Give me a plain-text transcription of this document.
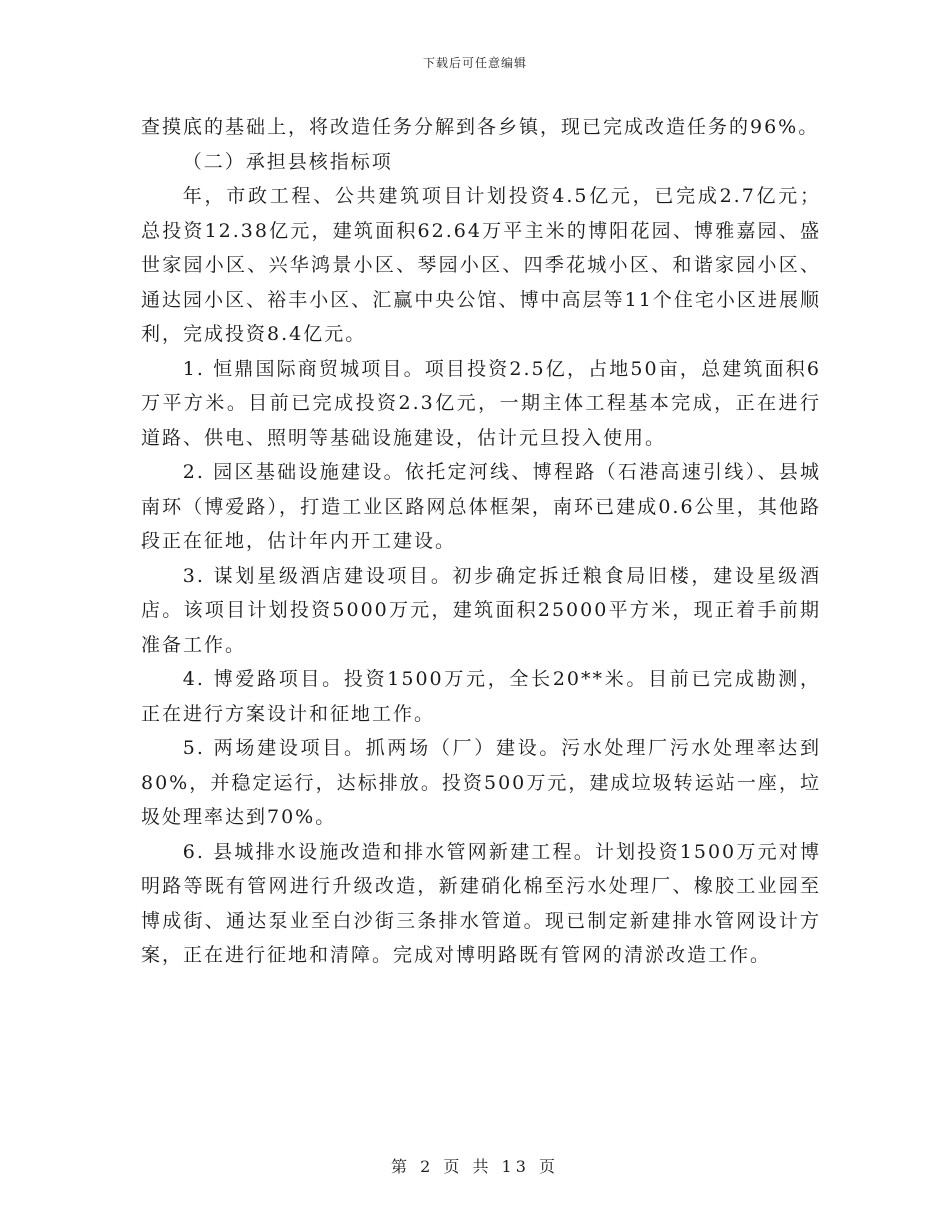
下载后可任意编辑

查摸底的基础上，将改造任务分解到各乡镇，现已完成改造任务的96%。

（二）承担县核指标项

年，市政工程、公共建筑项目计划投资4.5亿元，已完成2.7亿元；总投资12.38亿元，建筑面积62.64万平主米的博阳花园、博雅嘉园、盛世家园小区、兴华鸿景小区、琴园小区、四季花城小区、和谐家园小区、通达园小区、裕丰小区、汇赢中央公馆、博中高层等11个住宅小区进展顺利，完成投资8.4亿元。

1. 恒鼎国际商贸城项目。项目投资2.5亿，占地50亩，总建筑面积6万平方米。目前已完成投资2.3亿元，一期主体工程基本完成，正在进行道路、供电、照明等基础设施建设，估计元旦投入使用。

2. 园区基础设施建设。依托定河线、博程路（石港高速引线）、县城南环（博爱路），打造工业区路网总体框架，南环已建成0.6公里，其他路段正在征地，估计年内开工建设。

3. 谋划星级酒店建设项目。初步确定拆迁粮食局旧楼，建设星级酒店。该项目计划投资5000万元，建筑面积25000平方米，现正着手前期准备工作。

4. 博爱路项目。投资1500万元，全长20**米。目前已完成勘测，正在进行方案设计和征地工作。

5. 两场建设项目。抓两场（厂）建设。污水处理厂污水处理率达到80%，并稳定运行，达标排放。投资500万元，建成垃圾转运站一座，垃圾处理率达到70%。

6. 县城排水设施改造和排水管网新建工程。计划投资1500万元对博明路等既有管网进行升级改造，新建硝化棉至污水处理厂、橡胶工业园至博成街、通达泵业至白沙街三条排水管道。现已制定新建排水管网设计方案，正在进行征地和清障。完成对博明路既有管网的清淤改造工作。

第 2 页 共 13 页
